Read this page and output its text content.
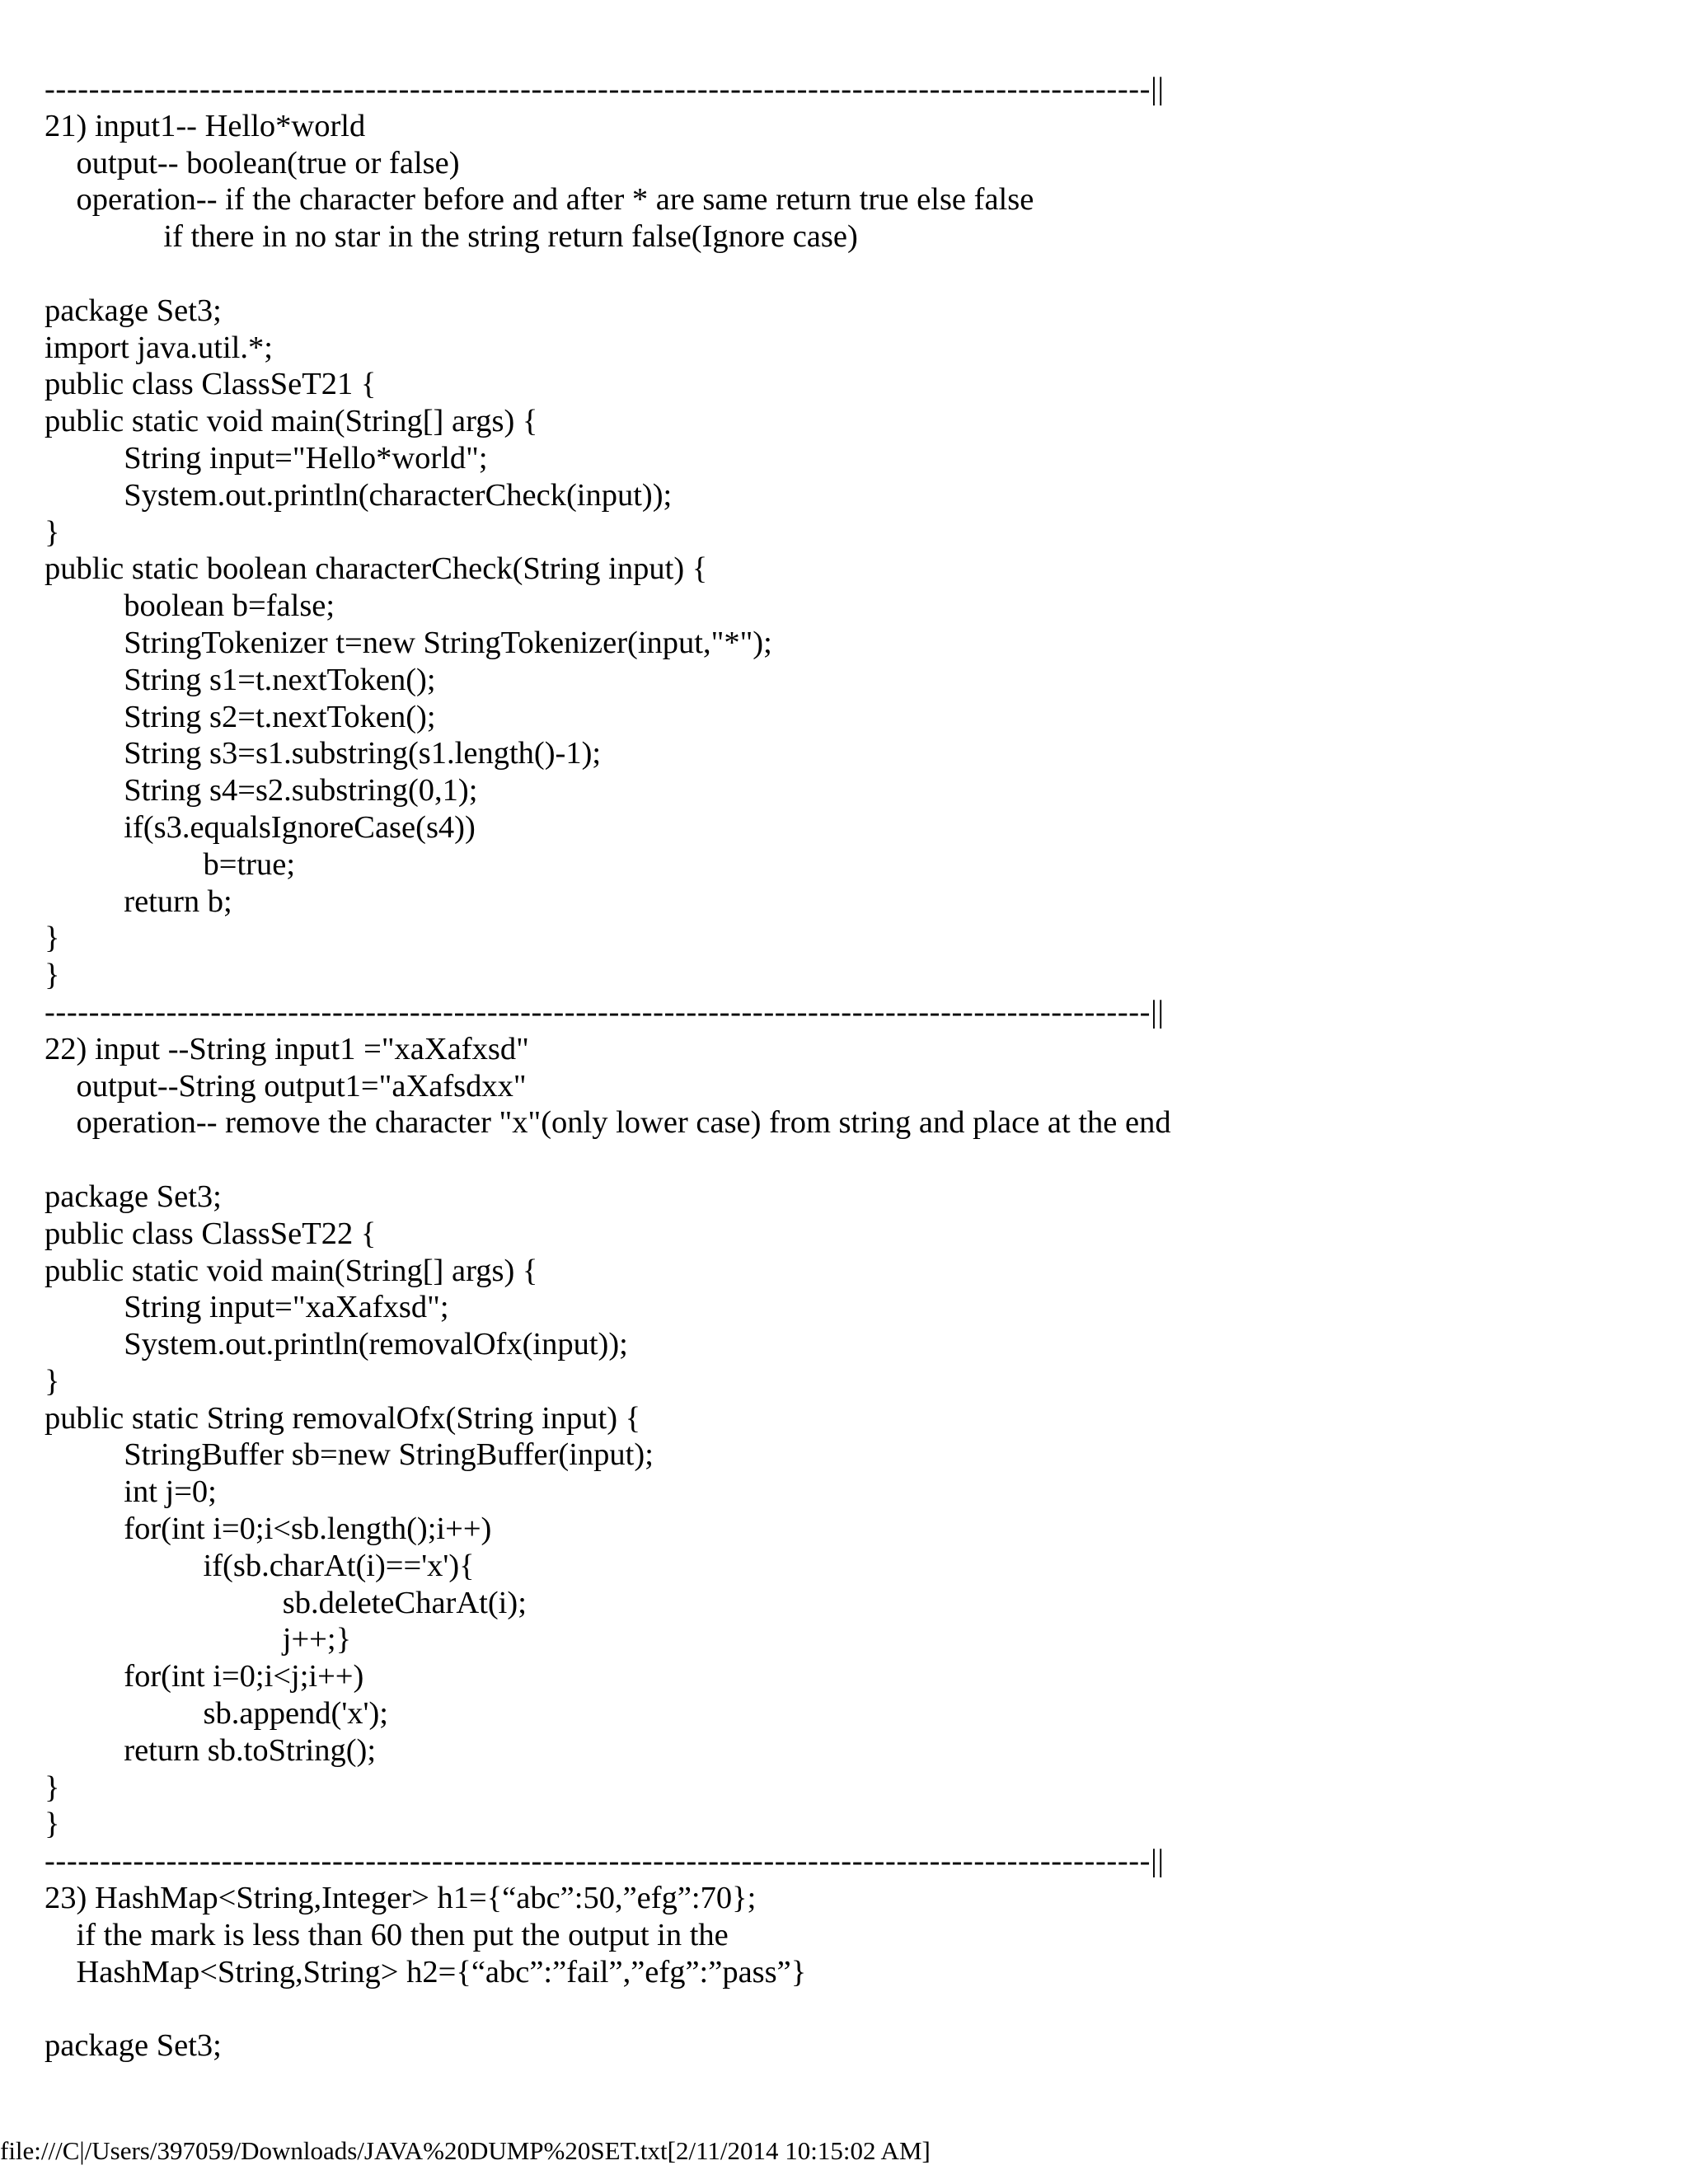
----------------------------------------------------------------------------------------------------||
21) input1-- Hello*world
output-- boolean(true or false)
operation-- if the character before and after * are same return true else false
if there in no star in the string return false(Ignore case)
package Set3;
import java.util.*;
public class ClassSeT21 {
public static void main(String[] args) {
String input="Hello*world";
System.out.println(characterCheck(input));
}
public static boolean characterCheck(String input) {
boolean b=false;
StringTokenizer t=new StringTokenizer(input,"*");
String s1=t.nextToken();
String s2=t.nextToken();
String s3=s1.substring(s1.length()-1);
String s4=s2.substring(0,1);
if(s3.equalsIgnoreCase(s4))
b=true;
return b;
}
}
----------------------------------------------------------------------------------------------------||
22) input --String input1 ="xaXafxsd"
output--String output1="aXafsdxx"
operation-- remove the character "x"(only lower case) from string and place at the end
package Set3;
public class ClassSeT22 {
public static void main(String[] args) {
String input="xaXafxsd";
System.out.println(removalOfx(input));
}
public static String removalOfx(String input) {
StringBuffer sb=new StringBuffer(input);
int j=0;
for(int i=0;i<sb.length();i++)
if(sb.charAt(i)=='x'){
sb.deleteCharAt(i);
j++;}
for(int i=0;i<j;i++)
sb.append('x');
return sb.toString();
}
}
----------------------------------------------------------------------------------------------------||
23) HashMap<String,Integer> h1={“abc”:50,”efg”:70};
if the mark is less than 60 then put the output in the
HashMap<String,String> h2={“abc”:”fail”,”efg”:”pass”}
package Set3;
file:///C|/Users/397059/Downloads/JAVA%20DUMP%20SET.txt[2/11/2014 10:15:02 AM]
